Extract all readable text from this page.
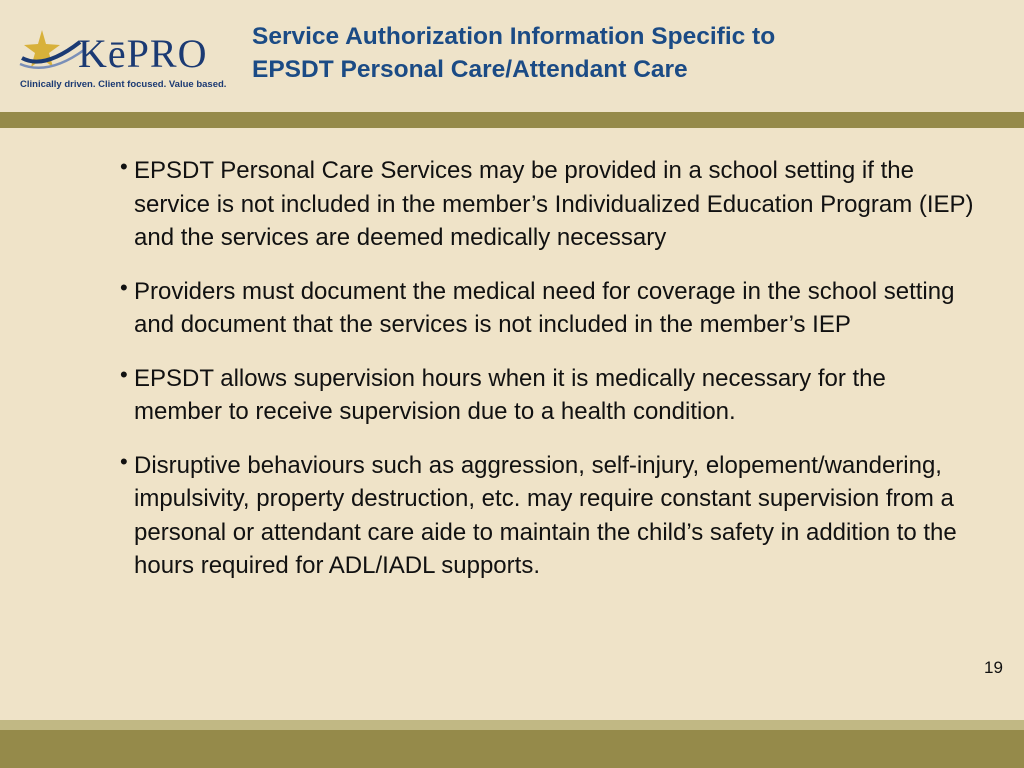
KēPRO
Clinically driven. Client focused. Value based.
Service Authorization Information Specific to
EPSDT Personal Care/Attendant Care
• EPSDT Personal Care Services may be provided in a school setting if the service is not included in the member’s Individualized Education Program (IEP) and the services are deemed medically necessary
• Providers must document the medical need for coverage in the school setting and document that the services is not included in the member’s IEP
• EPSDT allows supervision hours when it is medically necessary for the member to receive supervision due to a health condition.
• Disruptive behaviours such as aggression, self-injury, elopement/wandering, impulsivity, property destruction, etc. may require constant supervision from a personal or attendant care aide to maintain the child’s safety in addition to the hours required for ADL/IADL supports.
19
